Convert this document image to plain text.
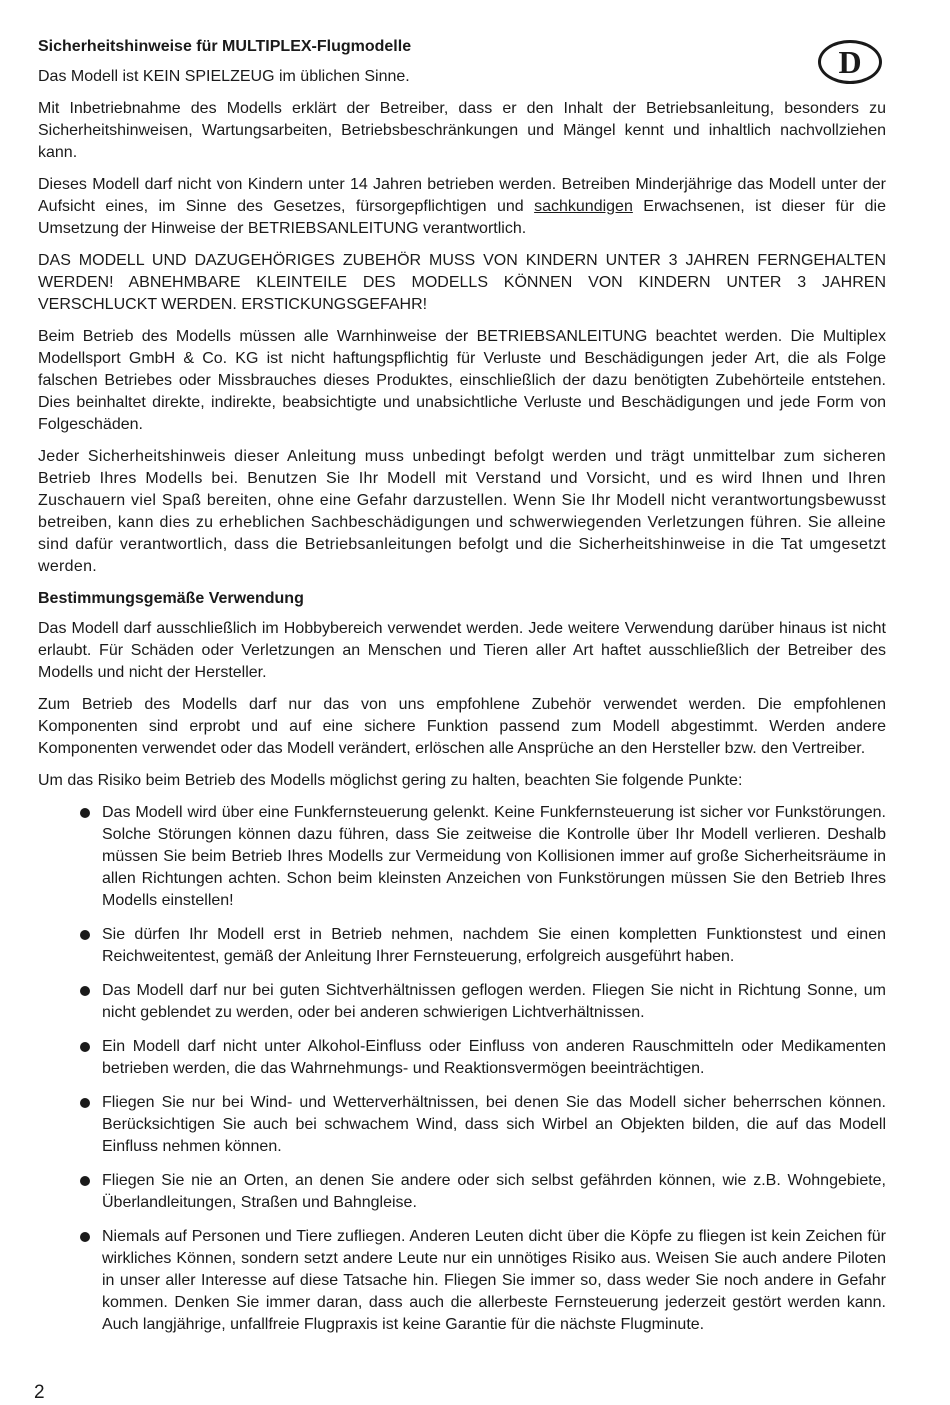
D
Sicherheitshinweise für MULTIPLEX-Flugmodelle

Das Modell ist KEIN SPIELZEUG im üblichen Sinne.

Mit Inbetriebnahme des Modells erklärt der Betreiber, dass er den Inhalt der Betriebsanleitung, besonders zu Sicherheitshinweisen, Wartungsarbeiten, Betriebsbeschränkungen und Mängel kennt und inhaltlich nachvollziehen kann.

Dieses Modell darf nicht von Kindern unter 14 Jahren betrieben werden. Betreiben Minderjährige das Modell unter der Aufsicht eines, im Sinne des Gesetzes, fürsorgepflichtigen und sachkundigen Erwachsenen, ist dieser für die Umsetzung der Hinweise der BETRIEBSANLEITUNG verantwortlich.

DAS MODELL UND DAZUGEHÖRIGES ZUBEHÖR MUSS VON KINDERN UNTER 3 JAHREN FERNGEHALTEN WERDEN! ABNEHMBARE KLEINTEILE DES MODELLS KÖNNEN VON KINDERN UNTER 3 JAHREN VERSCHLUCKT WERDEN. ERSTICKUNGSGEFAHR!

Beim Betrieb des Modells müssen alle Warnhinweise der BETRIEBSANLEITUNG beachtet werden. Die Multiplex Modellsport GmbH & Co. KG ist nicht haftungspflichtig für Verluste und Beschädigungen jeder Art, die als Folge falschen Betriebes oder Missbrauches dieses Produktes, einschließlich der dazu benötigten Zubehörteile entstehen. Dies beinhaltet direkte, indirekte, beabsichtigte und unabsichtliche Verluste und Beschädigungen und jede Form von Folgeschäden.

Jeder Sicherheitshinweis dieser Anleitung muss unbedingt befolgt werden und trägt unmittelbar zum sicheren Betrieb Ihres Modells bei. Benutzen Sie Ihr Modell mit Verstand und Vorsicht, und es wird Ihnen und Ihren Zuschauern viel Spaß bereiten, ohne eine Gefahr darzustellen. Wenn Sie Ihr Modell nicht verantwortungsbewusst betreiben, kann dies zu erheblichen Sachbeschädigungen und schwerwiegenden Verletzungen führen. Sie alleine sind dafür verantwortlich, dass die Betriebsanleitungen befolgt und die Sicherheitshinweise in die Tat umgesetzt werden.

Bestimmungsgemäße Verwendung

Das Modell darf ausschließlich im Hobbybereich verwendet werden. Jede weitere Verwendung darüber hinaus ist nicht erlaubt. Für Schäden oder Verletzungen an Menschen und Tieren aller Art haftet ausschließlich der Betreiber des Modells und nicht der Hersteller.

Zum Betrieb des Modells darf nur das von uns empfohlene Zubehör verwendet werden. Die empfohlenen Komponenten sind erprobt und auf eine sichere Funktion passend zum Modell abgestimmt. Werden andere Komponenten verwendet oder das Modell verändert, erlöschen alle Ansprüche an den Hersteller bzw. den Vertreiber.

Um das Risiko beim Betrieb des Modells möglichst gering zu halten, beachten Sie folgende Punkte:

Das Modell wird über eine Funkfernsteuerung gelenkt. Keine Funkfernsteuerung ist sicher vor Funkstörungen. Solche Störungen können dazu führen, dass Sie zeitweise die Kontrolle über Ihr Modell verlieren. Deshalb müssen Sie beim Betrieb Ihres Modells zur Vermeidung von Kollisionen immer auf große Sicherheitsräume in allen Richtungen achten. Schon beim kleinsten Anzeichen von Funkstörungen müssen Sie den Betrieb Ihres Modells einstellen!
Sie dürfen Ihr Modell erst in Betrieb nehmen, nachdem Sie einen kompletten Funktionstest und einen Reichweitentest, gemäß der Anleitung Ihrer Fernsteuerung, erfolgreich ausgeführt haben.
Das Modell darf nur bei guten Sichtverhältnissen geflogen werden. Fliegen Sie nicht in Richtung Sonne, um nicht geblendet zu werden, oder bei anderen schwierigen Lichtverhältnissen.
Ein Modell darf nicht unter Alkohol-Einfluss oder Einfluss von anderen Rauschmitteln oder Medikamenten betrieben werden, die das Wahrnehmungs- und Reaktionsvermögen beeinträchtigen.
Fliegen Sie nur bei Wind- und Wetterverhältnissen, bei denen Sie das Modell sicher beherrschen können. Berücksichtigen Sie auch bei schwachem Wind, dass sich Wirbel an Objekten bilden, die auf das Modell Einfluss nehmen können.
Fliegen Sie nie an Orten, an denen Sie andere oder sich selbst gefährden können, wie z.B. Wohngebiete, Überlandleitungen, Straßen und Bahngleise.
Niemals auf Personen und Tiere zufliegen. Anderen Leuten dicht über die Köpfe zu fliegen ist kein Zeichen für wirkliches Können, sondern setzt andere Leute nur ein unnötiges Risiko aus. Weisen Sie auch andere Piloten in unser aller Interesse auf diese Tatsache hin. Fliegen Sie immer so, dass weder Sie noch andere in Gefahr kommen. Denken Sie immer daran, dass auch die allerbeste Fernsteuerung jederzeit gestört werden kann. Auch langjährige, unfallfreie Flugpraxis ist keine Garantie für die nächste Flugminute.
2
